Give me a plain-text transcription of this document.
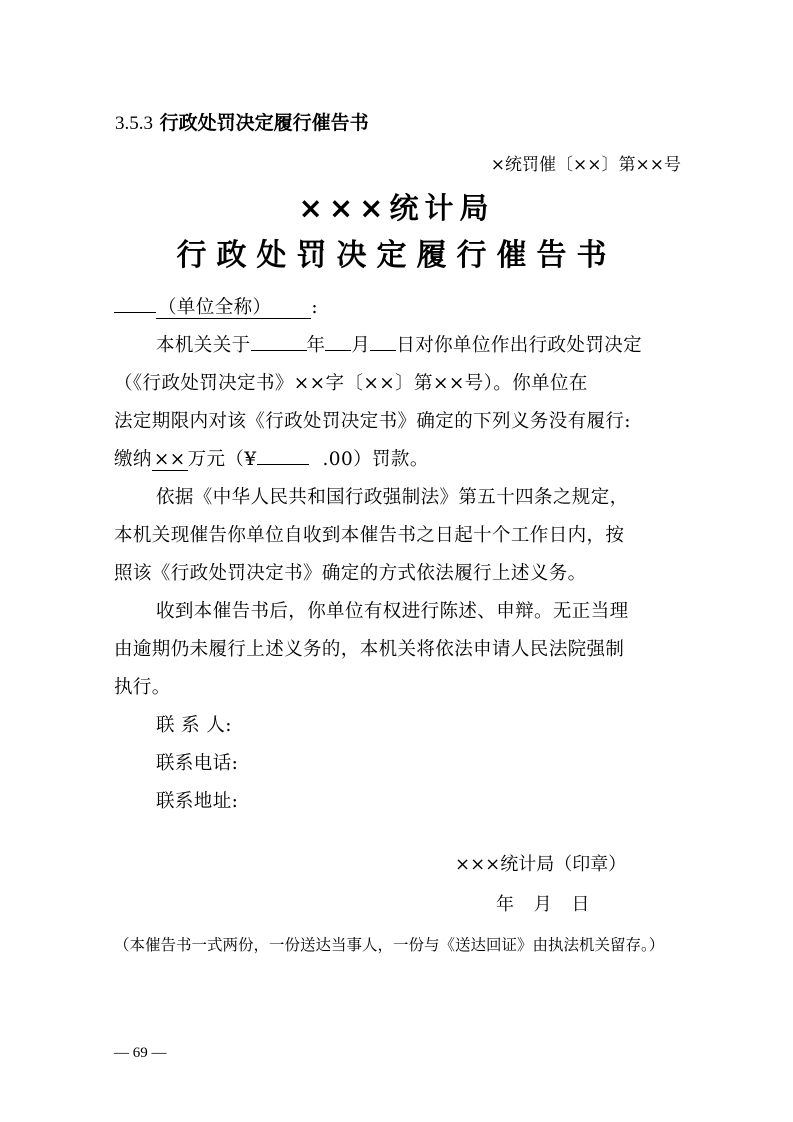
3.5.3 行政处罚决定履行催告书
×统罚催〔××〕第××号
×××统计局
行政处罚决定履行催告书
（单位全称） :
本机关关于	年 月 日对你单位作出行政处罚决定
（《行政处罚决定书》××字〔××〕第××号）。你单位在
法定期限内对该《行政处罚决定书》确定的下列义务没有履行:
缴纳 ×× 万元（¥	.00）罚款。
依据《中华人民共和国行政强制法》第五十四条之规定，
本机关现催告你单位自收到本催告书之日起十个工作日内，按
照该《行政处罚决定书》确定的方式依法履行上述义务。
收到本催告书后，你单位有权进行陈述、申辩。无正当理
由逾期仍未履行上述义务的，本机关将依法申请人民法院强制
执行。
联 系 人:
联系电话:
联系地址:
×××统计局（印章）
年 月 日
（本催告书一式两份，一份送达当事人，一份与《送达回证》由执法机关留存。）
— 69 —
